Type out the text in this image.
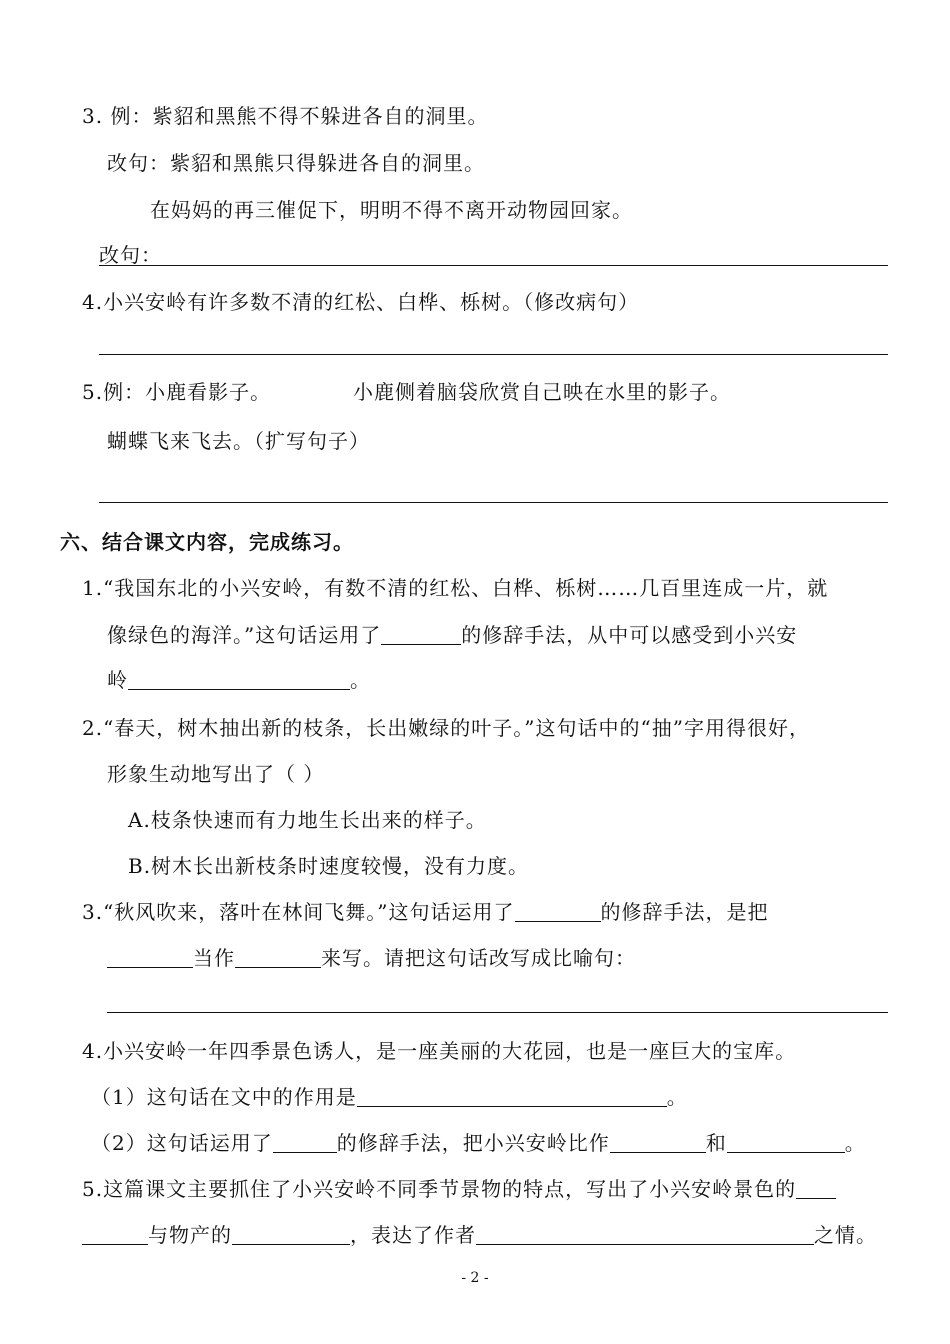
3. 例：紫貂和黑熊不得不躲进各自的洞里。
改句：紫貂和黑熊只得躲进各自的洞里。
在妈妈的再三催促下，明明不得不离开动物园回家。
改句：
4.小兴安岭有许多数不清的红松、白桦、栎树。（修改病句）
5.例：小鹿看影子。	小鹿侧着脑袋欣赏自己映在水里的影子。
蝴蝶飞来飞去。（扩写句子）
六、结合课文内容，完成练习。
1.“我国东北的小兴安岭，有数不清的红松、白桦、栎树……几百里连成一片，就
像绿色的海洋。”这句话运用了	的修辞手法，从中可以感受到小兴安
岭	。
2.“春天，树木抽出新的枝条，长出嫩绿的叶子。”这句话中的“抽”字用得很好，
形象生动地写出了（ ）
A.枝条快速而有力地生长出来的样子。
B.树木长出新枝条时速度较慢，没有力度。
3.“秋风吹来，落叶在林间飞舞。”这句话运用了	的修辞手法，是把
当作	来写。请把这句话改写成比喻句：
4.小兴安岭一年四季景色诱人，是一座美丽的大花园，也是一座巨大的宝库。
（1）这句话在文中的作用是	。
（2）这句话运用了	的修辞手法，把小兴安岭比作	和	。
5.这篇课文主要抓住了小兴安岭不同季节景物的特点，写出了小兴安岭景色的
与物产的	，表达了作者	之情。
- 2 -
